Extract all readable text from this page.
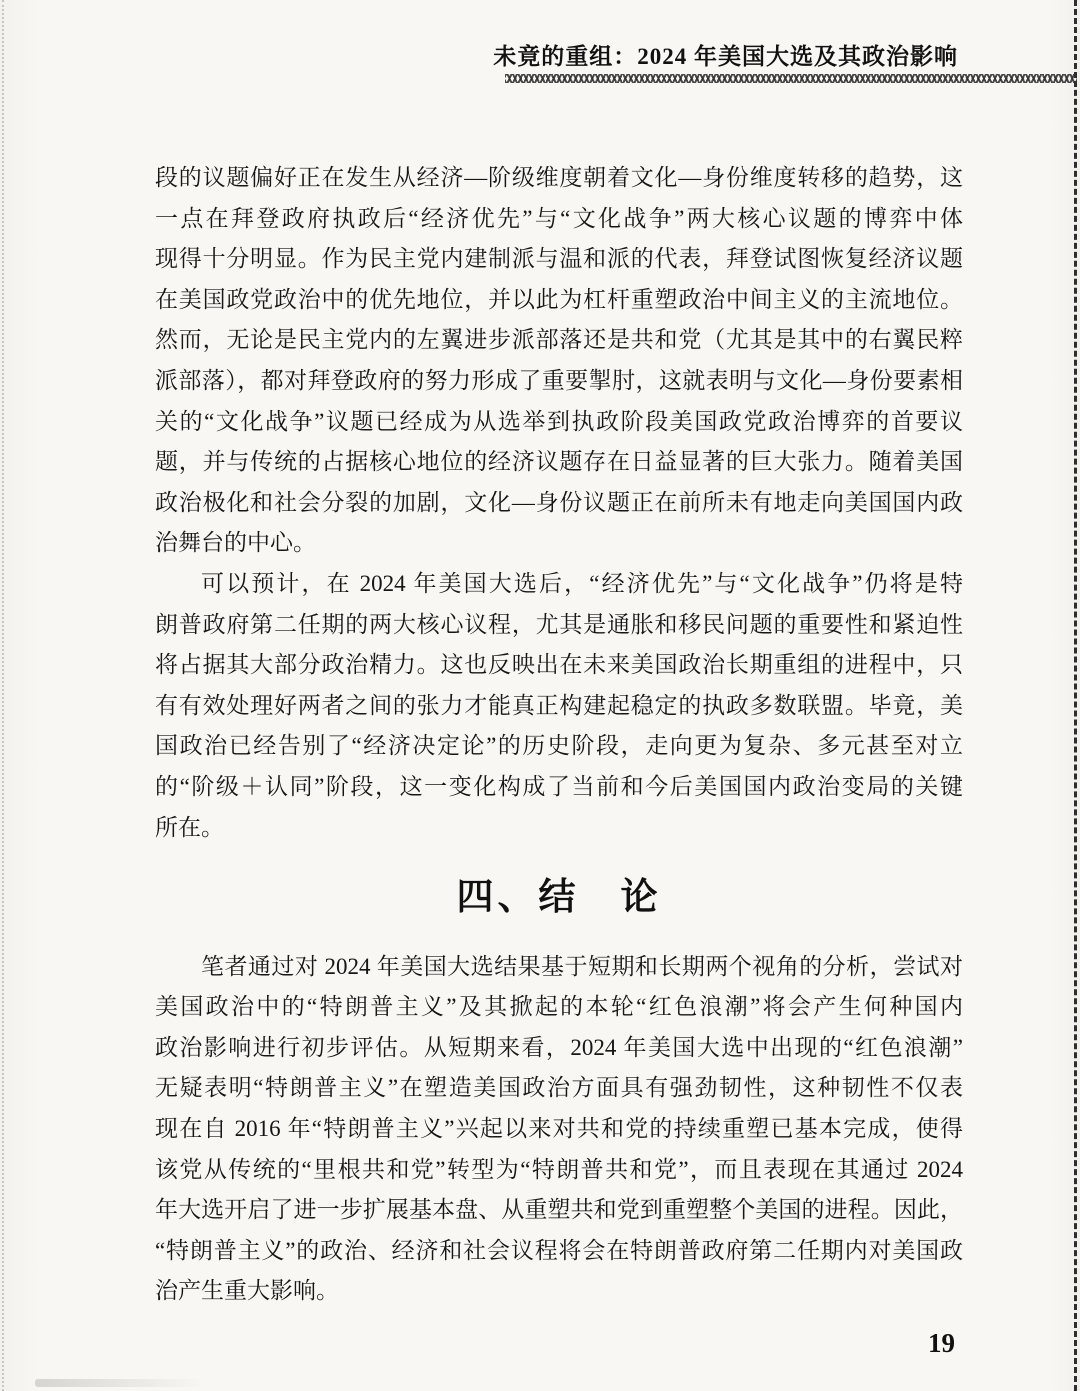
未竟的重组：2024 年美国大选及其政治影响
段的议题偏好正在发生从经济—阶级维度朝着文化—身份维度转移的趋势，这
一点在拜登政府执政后“经济优先”与“文化战争”两大核心议题的博弈中体
现得十分明显。作为民主党内建制派与温和派的代表，拜登试图恢复经济议题
在美国政党政治中的优先地位，并以此为杠杆重塑政治中间主义的主流地位。
然而，无论是民主党内的左翼进步派部落还是共和党（尤其是其中的右翼民粹
派部落），都对拜登政府的努力形成了重要掣肘，这就表明与文化—身份要素相
关的“文化战争”议题已经成为从选举到执政阶段美国政党政治博弈的首要议
题，并与传统的占据核心地位的经济议题存在日益显著的巨大张力。随着美国
政治极化和社会分裂的加剧，文化—身份议题正在前所未有地走向美国国内政
治舞台的中心。
可以预计，在 2024 年美国大选后，“经济优先”与“文化战争”仍将是特
朗普政府第二任期的两大核心议程，尤其是通胀和移民问题的重要性和紧迫性
将占据其大部分政治精力。这也反映出在未来美国政治长期重组的进程中，只
有有效处理好两者之间的张力才能真正构建起稳定的执政多数联盟。毕竟，美
国政治已经告别了“经济决定论”的历史阶段，走向更为复杂、多元甚至对立
的“阶级＋认同”阶段，这一变化构成了当前和今后美国国内政治变局的关键
所在。
四、结　论
笔者通过对 2024 年美国大选结果基于短期和长期两个视角的分析，尝试对
美国政治中的“特朗普主义”及其掀起的本轮“红色浪潮”将会产生何种国内
政治影响进行初步评估。从短期来看，2024 年美国大选中出现的“红色浪潮”
无疑表明“特朗普主义”在塑造美国政治方面具有强劲韧性，这种韧性不仅表
现在自 2016 年“特朗普主义”兴起以来对共和党的持续重塑已基本完成，使得
该党从传统的“里根共和党”转型为“特朗普共和党”，而且表现在其通过 2024
年大选开启了进一步扩展基本盘、从重塑共和党到重塑整个美国的进程。因此，
“特朗普主义”的政治、经济和社会议程将会在特朗普政府第二任期内对美国政
治产生重大影响。
19
